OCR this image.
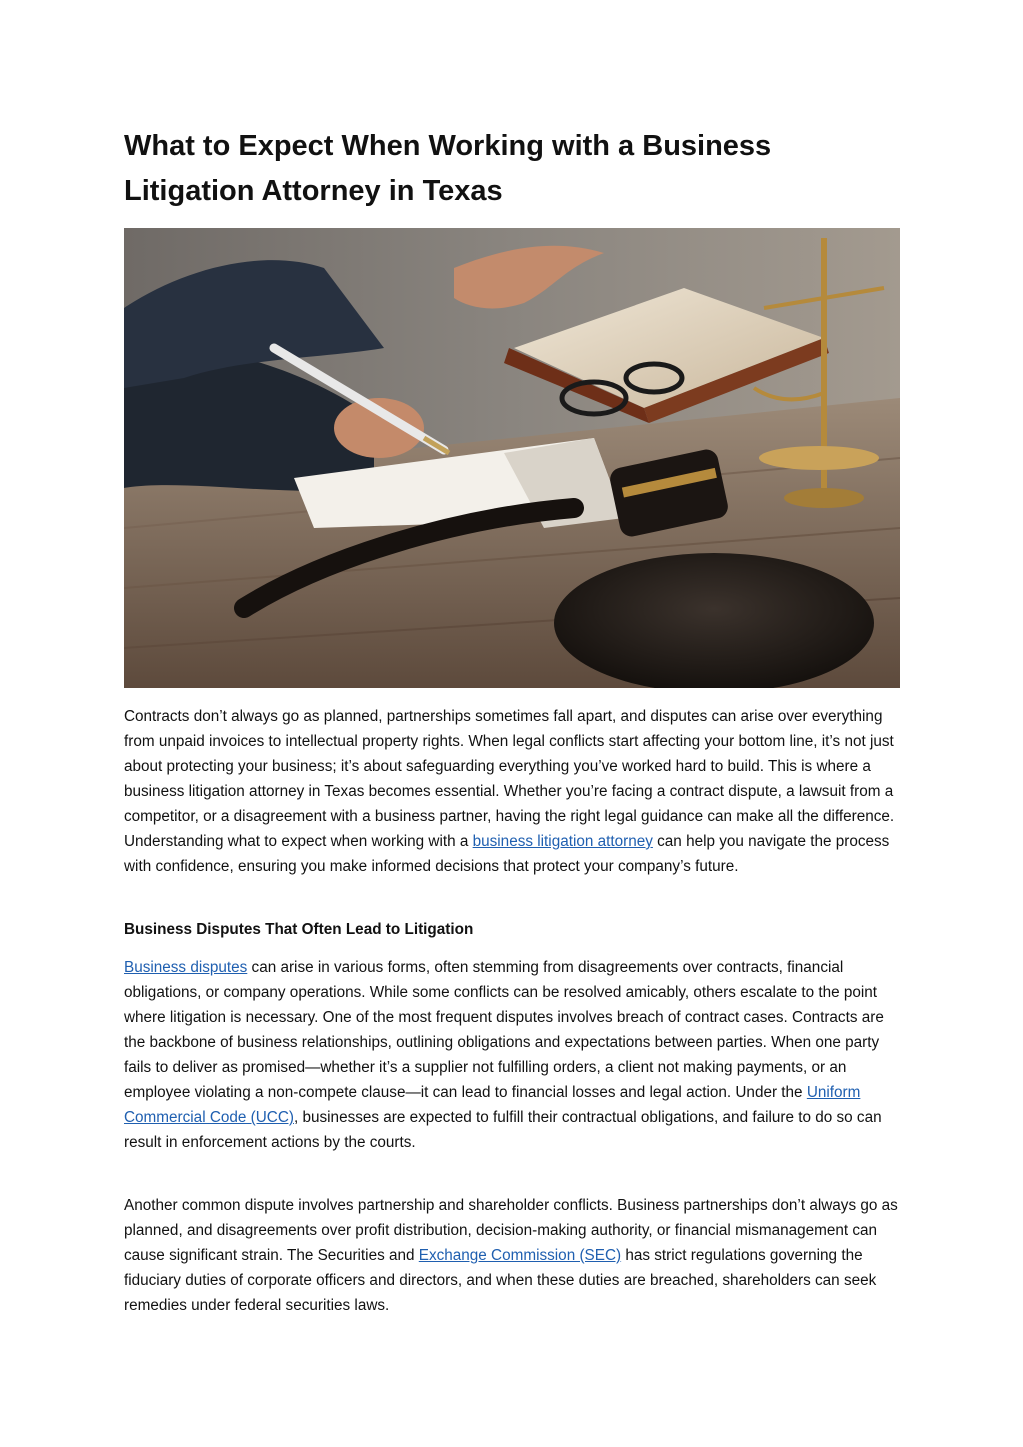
What to Expect When Working with a Business Litigation Attorney in Texas

Contracts don’t always go as planned, partnerships sometimes fall apart, and disputes can arise over everything from unpaid invoices to intellectual property rights. When legal conflicts start affecting your bottom line, it’s not just about protecting your business; it’s about safeguarding everything you’ve worked hard to build. This is where a business litigation attorney in Texas becomes essential. Whether you’re facing a contract dispute, a lawsuit from a competitor, or a disagreement with a business partner, having the right legal guidance can make all the difference. Understanding what to expect when working with a business litigation attorney can help you navigate the process with confidence, ensuring you make informed decisions that protect your company’s future.

Business Disputes That Often Lead to Litigation

Business disputes can arise in various forms, often stemming from disagreements over contracts, financial obligations, or company operations. While some conflicts can be resolved amicably, others escalate to the point where litigation is necessary. One of the most frequent disputes involves breach of contract cases. Contracts are the backbone of business relationships, outlining obligations and expectations between parties. When one party fails to deliver as promised—whether it’s a supplier not fulfilling orders, a client not making payments, or an employee violating a non-compete clause—it can lead to financial losses and legal action. Under the Uniform Commercial Code (UCC), businesses are expected to fulfill their contractual obligations, and failure to do so can result in enforcement actions by the courts.

Another common dispute involves partnership and shareholder conflicts. Business partnerships don’t always go as planned, and disagreements over profit distribution, decision-making authority, or financial mismanagement can cause significant strain. The Securities and Exchange Commission (SEC) has strict regulations governing the fiduciary duties of corporate officers and directors, and when these duties are breached, shareholders can seek remedies under federal securities laws.
